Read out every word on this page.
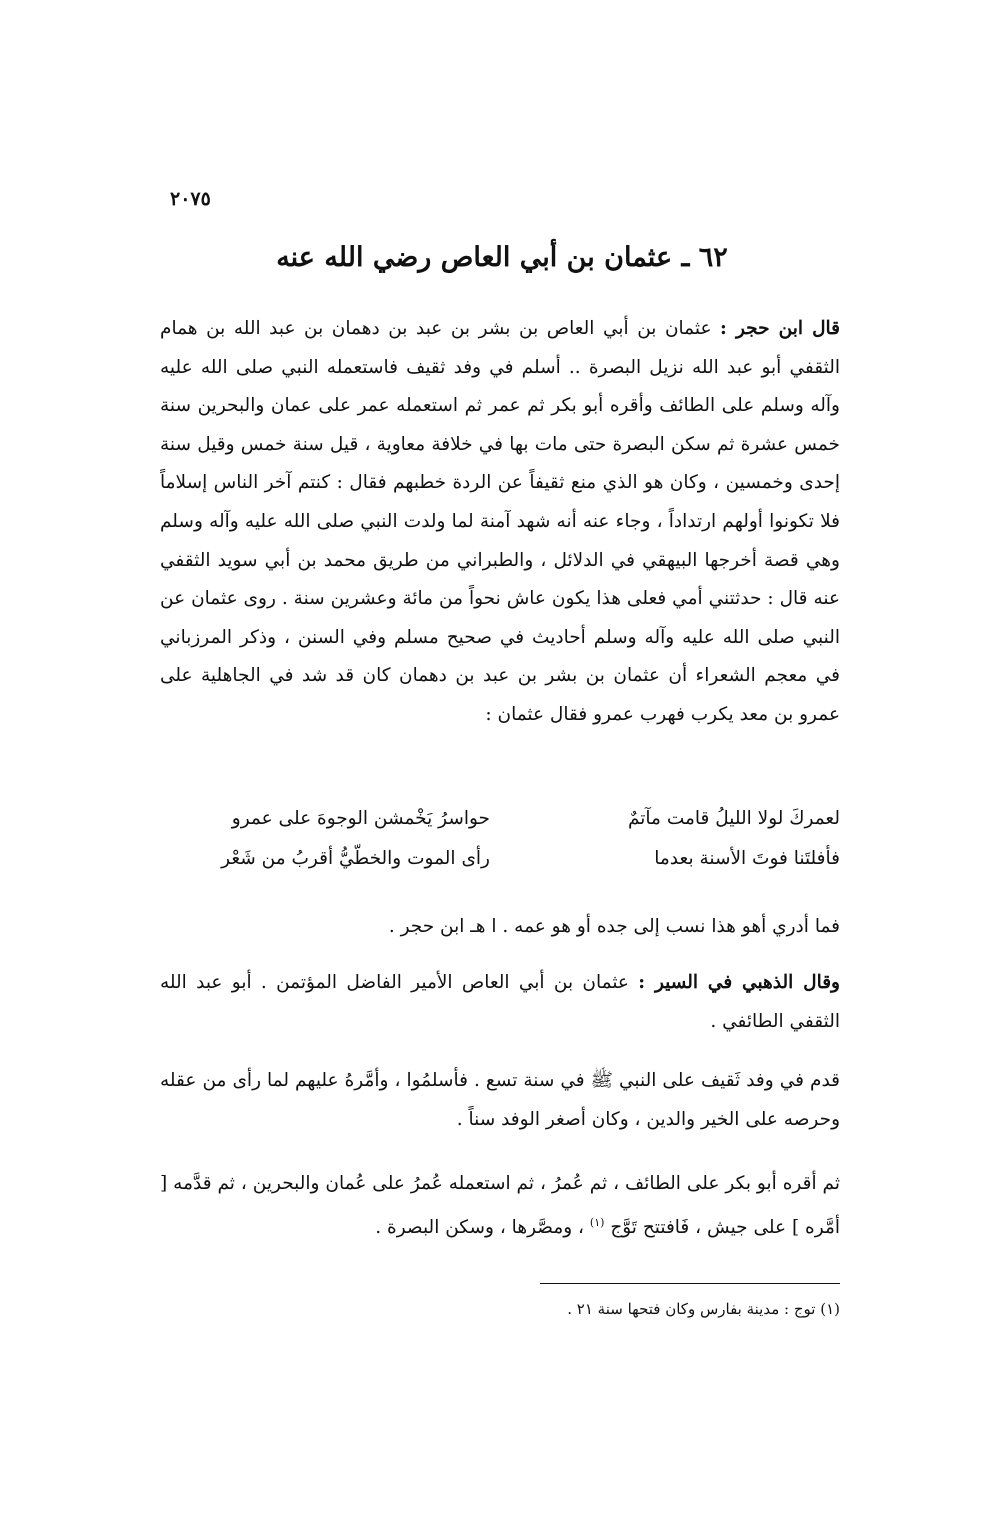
٢٠٧٥
٦٢ ـ عثمان بن أبي العاص رضي الله عنه
قال ابن حجر : عثمان بن أبي العاص بن بشر بن عبد بن دهمان بن عبد الله بن همام الثقفي أبو عبد الله نزيل البصرة .. أسلم في وفد ثقيف فاستعمله النبي صلى الله عليه وآله وسلم على الطائف وأقره أبو بكر ثم عمر ثم استعمله عمر على عمان والبحرين سنة خمس عشرة ثم سكن البصرة حتى مات بها في خلافة معاوية ، قيل سنة خمس وقيل سنة إحدى وخمسين ، وكان هو الذي منع ثقيفاً عن الردة خطبهم فقال : كنتم آخر الناس إسلاماً فلا تكونوا أولهم ارتداداً ، وجاء عنه أنه شهد آمنة لما ولدت النبي صلى الله عليه وآله وسلم وهي قصة أخرجها البيهقي في الدلائل ، والطبراني من طريق محمد بن أبي سويد الثقفي عنه قال : حدثتني أمي فعلى هذا يكون عاش نحواً من مائة وعشرين سنة . روى عثمان عن النبي صلى الله عليه وآله وسلم أحاديث في صحيح مسلم وفي السنن ، وذكر المرزباني في معجم الشعراء أن عثمان بن بشر بن عبد بن دهمان كان قد شد في الجاهلية على عمرو بن معد يكرب فهرب عمرو فقال عثمان :
لعمركَ لولا الليلُ قامت مآتمٌ
حواسرُ يَخْمشن الوجوهَ على عمرو
فأفلتَنا فوتَ الأسنة بعدما
رأى الموت والخطّيُّ أقربُ من شَعْر
فما أدري أهو هذا نسب إلى جده أو هو عمه . ا هـ ابن حجر .
وقال الذهبي في السير : عثمان بن أبي العاص الأمير الفاضل المؤتمن . أبو عبد الله الثقفي الطائفي .
قدم في وفد ثَقيف على النبي ﷺ في سنة تسع . فأسلمُوا ، وأمَّرهُ عليهم لما رأى من عقله وحرصه على الخير والدين ، وكان أصغر الوفد سناً .
ثم أقره أبو بكر على الطائف ، ثم عُمرُ ، ثم استعمله عُمرُ على عُمان والبحرين ، ثم قدَّمه [ أمَّره ] على جيش ، فَافتتح تَوَّج $^{(١)}$ ، ومصَّرها ، وسكن البصرة .
(١) توج : مدينة بفارس وكان فتحها سنة ٢١ .
